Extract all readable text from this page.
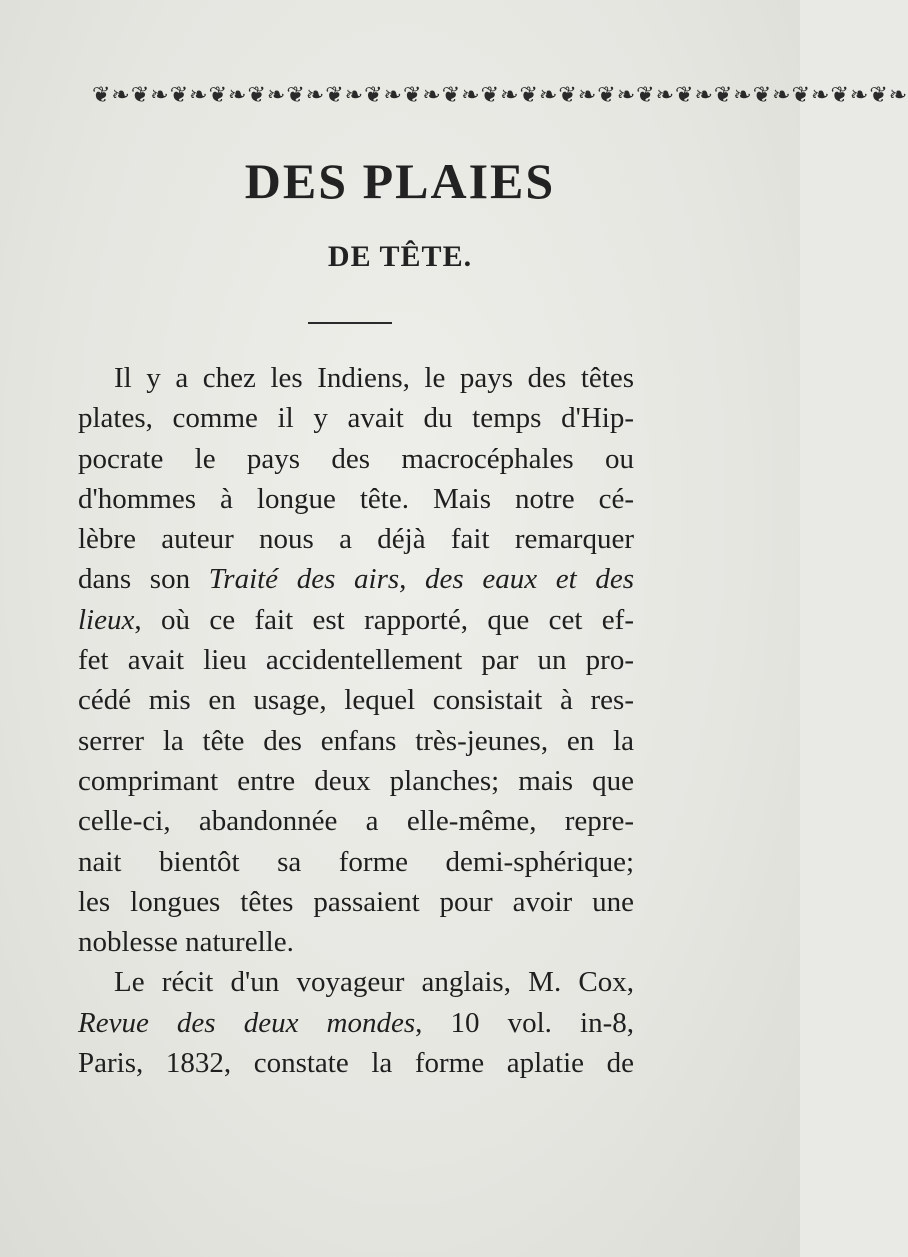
❦❧❦❧❦❧❦❧❦❧❦❧❦❧❦❧❦❧❦❧❦❧❦❧❦❧❦❧❦❧❦❧❦❧❦❧❦❧❦❧❦❧
DES PLAIES
DE TÊTE.
Il y a chez les Indiens, le pays des têtes
plates, comme il y avait du temps d'Hip-
pocrate le pays des macrocéphales ou
d'hommes à longue tête. Mais notre cé-
lèbre auteur nous a déjà fait remarquer
dans son Traité des airs, des eaux et des
lieux, où ce fait est rapporté, que cet ef-
fet avait lieu accidentellement par un pro-
cédé mis en usage, lequel consistait à res-
serrer la tête des enfans très-jeunes, en la
comprimant entre deux planches; mais que
celle-ci, abandonnée a elle-même, repre-
nait bientôt sa forme demi-sphérique;
les longues têtes passaient pour avoir une
noblesse naturelle.
Le récit d'un voyageur anglais, M. Cox,
Revue des deux mondes, 10 vol. in-8,
Paris, 1832, constate la forme aplatie de
